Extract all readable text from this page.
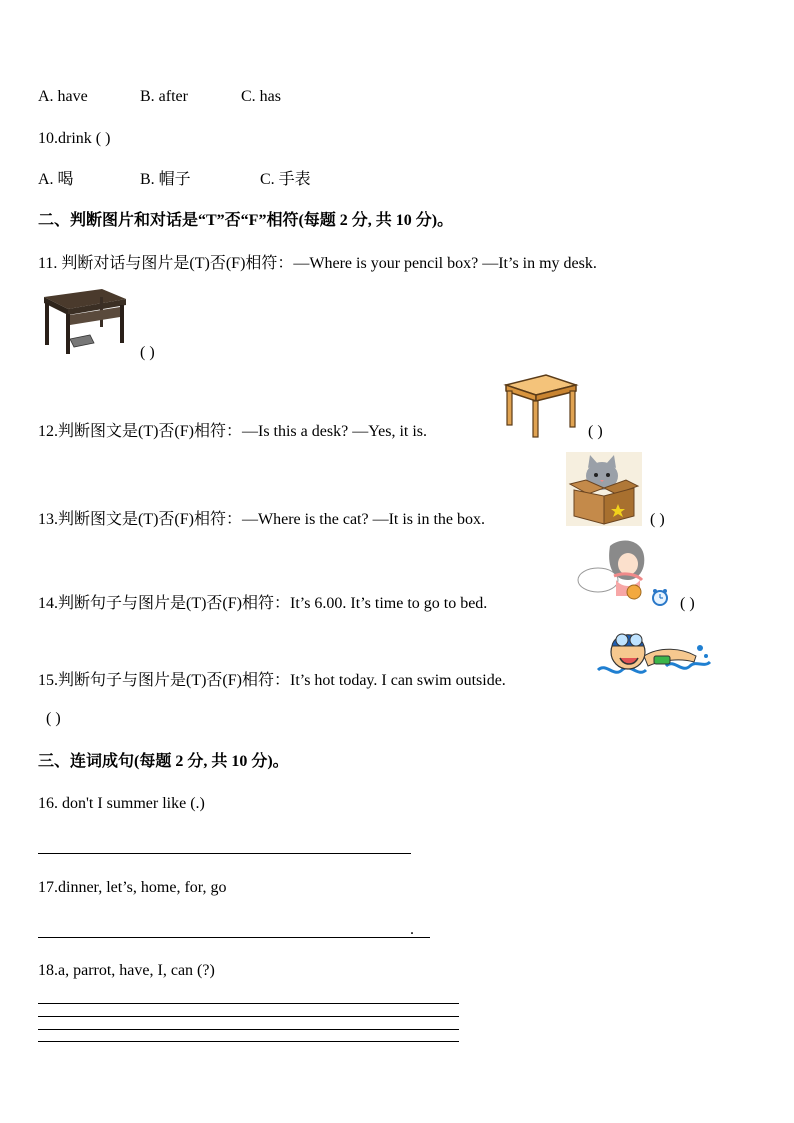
A. have	B. after	C. has
10.drink ( )
A. 喝	B. 帽子	C. 手表
二、判断图片和对话是“T”否“F”相符(每题 2 分, 共 10 分)。
11. 判断对话与图片是(T)否(F)相符：—Where is your pencil box? —It’s in my desk.
( )
12.判断图文是(T)否(F)相符：—Is this a desk? —Yes, it is.	( )
13.判断图文是(T)否(F)相符：—Where is the cat? —It is in the box.	( )
14.判断句子与图片是(T)否(F)相符：It’s 6.00. It’s time to go to bed.	( )
15.判断句子与图片是(T)否(F)相符：It’s hot today. I can swim outside.
( )
三、连词成句(每题 2 分, 共 10 分)。
16. don't I summer like (.)
17.dinner, let’s, home, for, go
.
18.a, parrot, have, I, can (?)
